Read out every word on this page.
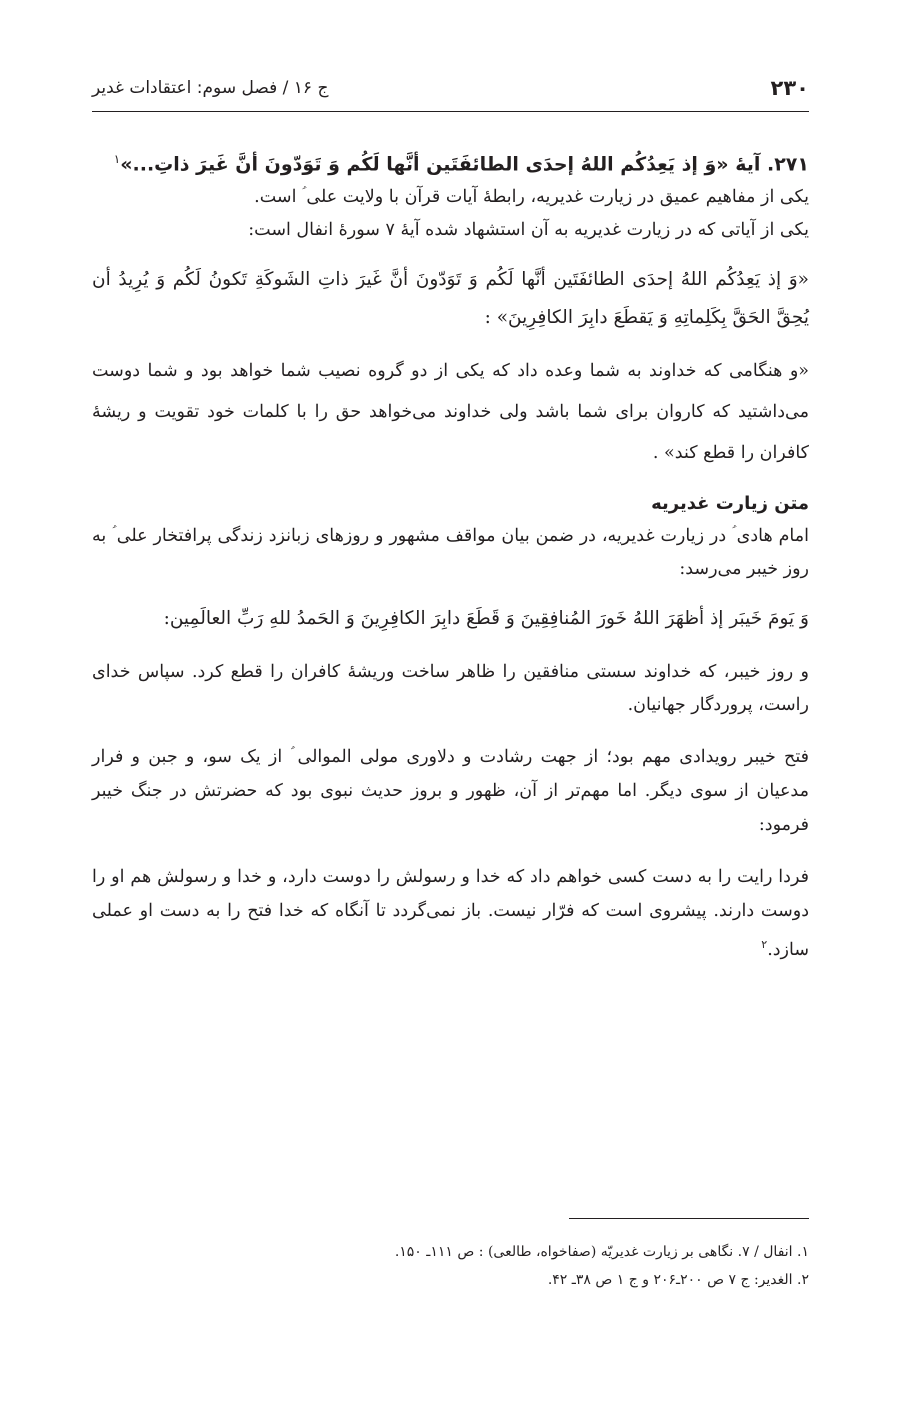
۲۳۰
ج ۱۶ / فصل سوم: اعتقادات غدیر

۲۷۱. آیهٔ «وَ إذ یَعِدُکُم اللهُ إحدَی الطائفَتَین أنَّها لَکُم وَ تَوَدّونَ أنَّ غَیرَ ذاتِ...»$^۱$

یکی از مفاهیم عمیق در زیارت غدیریه، رابطهٔ آیات قرآن با ولایت علی ؑ است.

یکی از آیاتی که در زیارت غدیریه به آن استشهاد شده آیهٔ ۷ سورهٔ انفال است:

«وَ إذ یَعِدُکُم اللهُ إحدَی الطائفَتَین أنَّها لَکُم وَ تَوَدّونَ أنَّ غَیرَ ذاتِ الشَوکَةِ تَکونُ لَکُم وَ یُرِیدُ أن یُحِقَّ الحَقَّ بِکَلِماتِهِ وَ یَقطَعَ دابِرَ الکافِرِینَ» :

«و هنگامی که خداوند به شما وعده داد که یکی از دو گروه نصیب شما خواهد بود و شما دوست می‌داشتید که کاروان برای شما باشد ولی خداوند می‌خواهد حق را با کلمات خود تقویت و ریشهٔ کافران را قطع کند» .

متن زیارت غدیریه

امام هادی ؑ در زیارت غدیریه، در ضمن بیان مواقف مشهور و روزهای زبانزد زندگی پرافتخار علی ؑ به روز خیبر می‌رسد:

وَ یَومَ خَیبَر إذ أظهَرَ اللهُ خَورَ المُنافِقِینَ وَ قَطَعَ دابِرَ الکافِرِینَ وَ الحَمدُ للهِ رَبِّ العالَمِین:

و روز خیبر، که خداوند سستی منافقین را ظاهر ساخت وریشهٔ کافران را قطع کرد. سپاس خدای راست، پروردگار جهانیان.

فتح خیبر رویدادی مهم بود؛ از جهت رشادت و دلاوری مولی الموالی ؑ از یک سو، و جبن و فرار مدعیان از سوی دیگر. اما مهم‌تر از آن، ظهور و بروز حدیث نبوی بود که حضرتش در جنگ خیبر فرمود:

فردا رایت را به دست کسی خواهم داد که خدا و رسولش را دوست دارد، و خدا و رسولش هم او را دوست دارند. پیشروی است که فرّار نیست. باز نمی‌گردد تا آنگاه که خدا فتح را به دست او عملی سازد.$^۲$

۱. انفال / ۷. نگاهی بر زیارت غدیریّه (صفاخواه، طالعی) : ص ۱۱۱ـ ۱۵۰.

۲. الغدیر: ج ۷ ص ۲۰۰ـ۲۰۶ و ج ۱ ص ۳۸ـ ۴۲.
